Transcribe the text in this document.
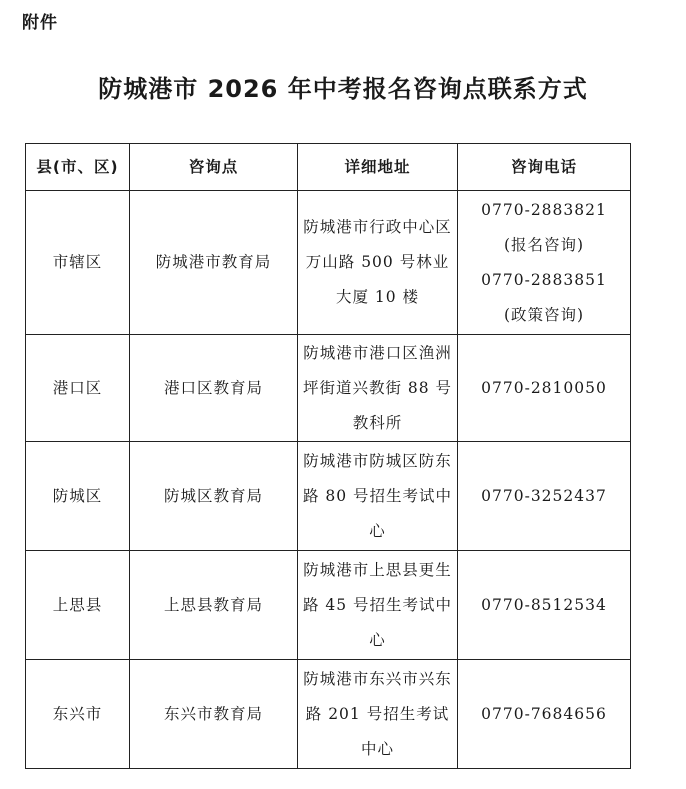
附件
防城港市 2026 年中考报名咨询点联系方式
县(市、区)	咨询点	详细地址	咨询电话
市辖区	防城港市教育局	防城港市行政中心区万山路 500 号林业大厦 10 楼	0770-2883821
(报名咨询)
0770-2883851
(政策咨询)

港口区	港口区教育局	防城港市港口区渔洲坪街道兴教街 88 号教科所	0770-2810050

防城区	防城区教育局	防城港市防城区防东路 80 号招生考试中心	0770-3252437

上思县	上思县教育局	防城港市上思县更生路 45 号招生考试中心	0770-8512534

东兴市	东兴市教育局	防城港市东兴市兴东路 201 号招生考试中心	0770-7684656
